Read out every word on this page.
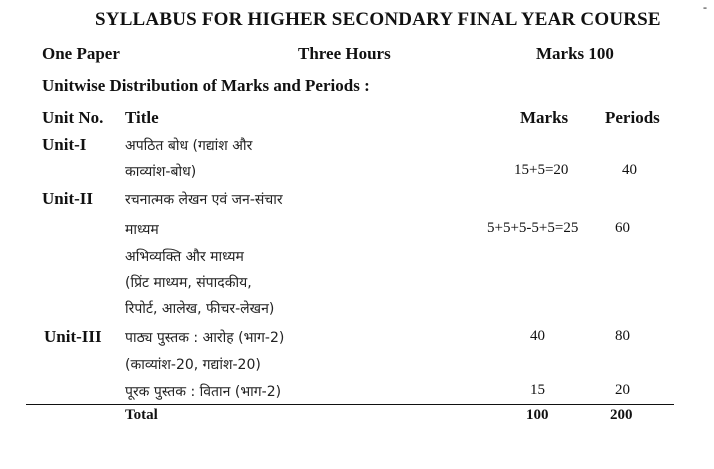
-
SYLLABUS FOR HIGHER SECONDARY FINAL YEAR COURSE
One Paper	Three Hours	Marks 100
Unitwise Distribution of Marks and Periods :
Unit No. Title	Marks Periods
Unit-I	अपठित बोध (गद्यांश और
काव्यांश-बोध)	15+5=20	40
Unit-II रचनात्मक लेखन एवं जन-संचार
माध्यम	5+5+5-5+5=25 60
अभिव्यक्ति और माध्यम
(प्रिंट माध्यम, संपादकीय,
रिपोर्ट, आलेख, फीचर-लेखन)
Unit-III पाठ्य पुस्तक : आरोह (भाग-2)	40	80
(काव्यांश-20, गद्यांश-20)
पूरक पुस्तक : वितान (भाग-2)	15	20
Total	100	200
